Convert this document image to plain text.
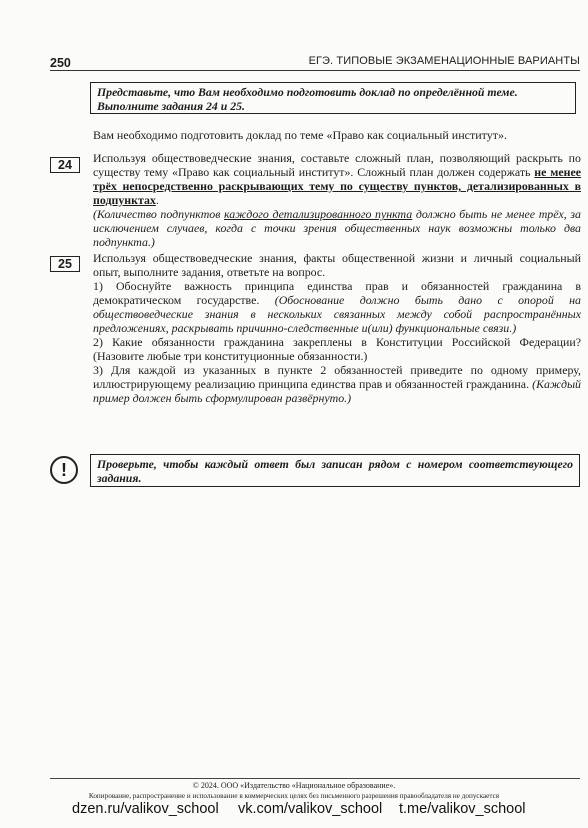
250	ЕГЭ. ТИПОВЫЕ ЭКЗАМЕНАЦИОННЫЕ ВАРИАНТЫ
Представьте, что Вам необходимо подготовить доклад по определённой теме. Выполните задания 24 и 25.
Вам необходимо подготовить доклад по теме «Право как социальный институт».
24	Используя обществоведческие знания, составьте сложный план, позволяющий раскрыть по существу тему «Право как социальный институт». Сложный план должен содержать не менее трёх непосредственно раскрывающих тему по существу пунктов, детализированных в подпунктах.

(Количество подпунктов каждого детализированного пункта должно быть не менее трёх, за исключением случаев, когда с точки зрения общественных наук возможны только два подпункта.)

25	Используя обществоведческие знания, факты общественной жизни и личный социальный опыт, выполните задания, ответьте на вопрос.

1) Обоснуйте важность принципа единства прав и обязанностей гражданина в демократическом государстве. (Обоснование должно быть дано с опорой на обществоведческие знания в нескольких связанных между собой распространённых предложениях, раскрывать причинно-следственные и(или) функциональные связи.)

2) Какие обязанности гражданина закреплены в Конституции Российской Федерации? (Назовите любые три конституционные обязанности.)

3) Для каждой из указанных в пункте 2 обязанностей приведите по одному примеру, иллюстрирующему реализацию принципа единства прав и обязанностей гражданина. (Каждый пример должен быть сформулирован развёрнуто.)

!	Проверьте, чтобы каждый ответ был записан рядом с номером соответствующего задания.
© 2024. ООО «Издательство «Национальное образование».
Копирование, распространение и использование в коммерческих целях без письменного разрешения правообладателя не допускается
dzen.ru/valikov_school vk.com/valikov_school t.me/valikov_school
